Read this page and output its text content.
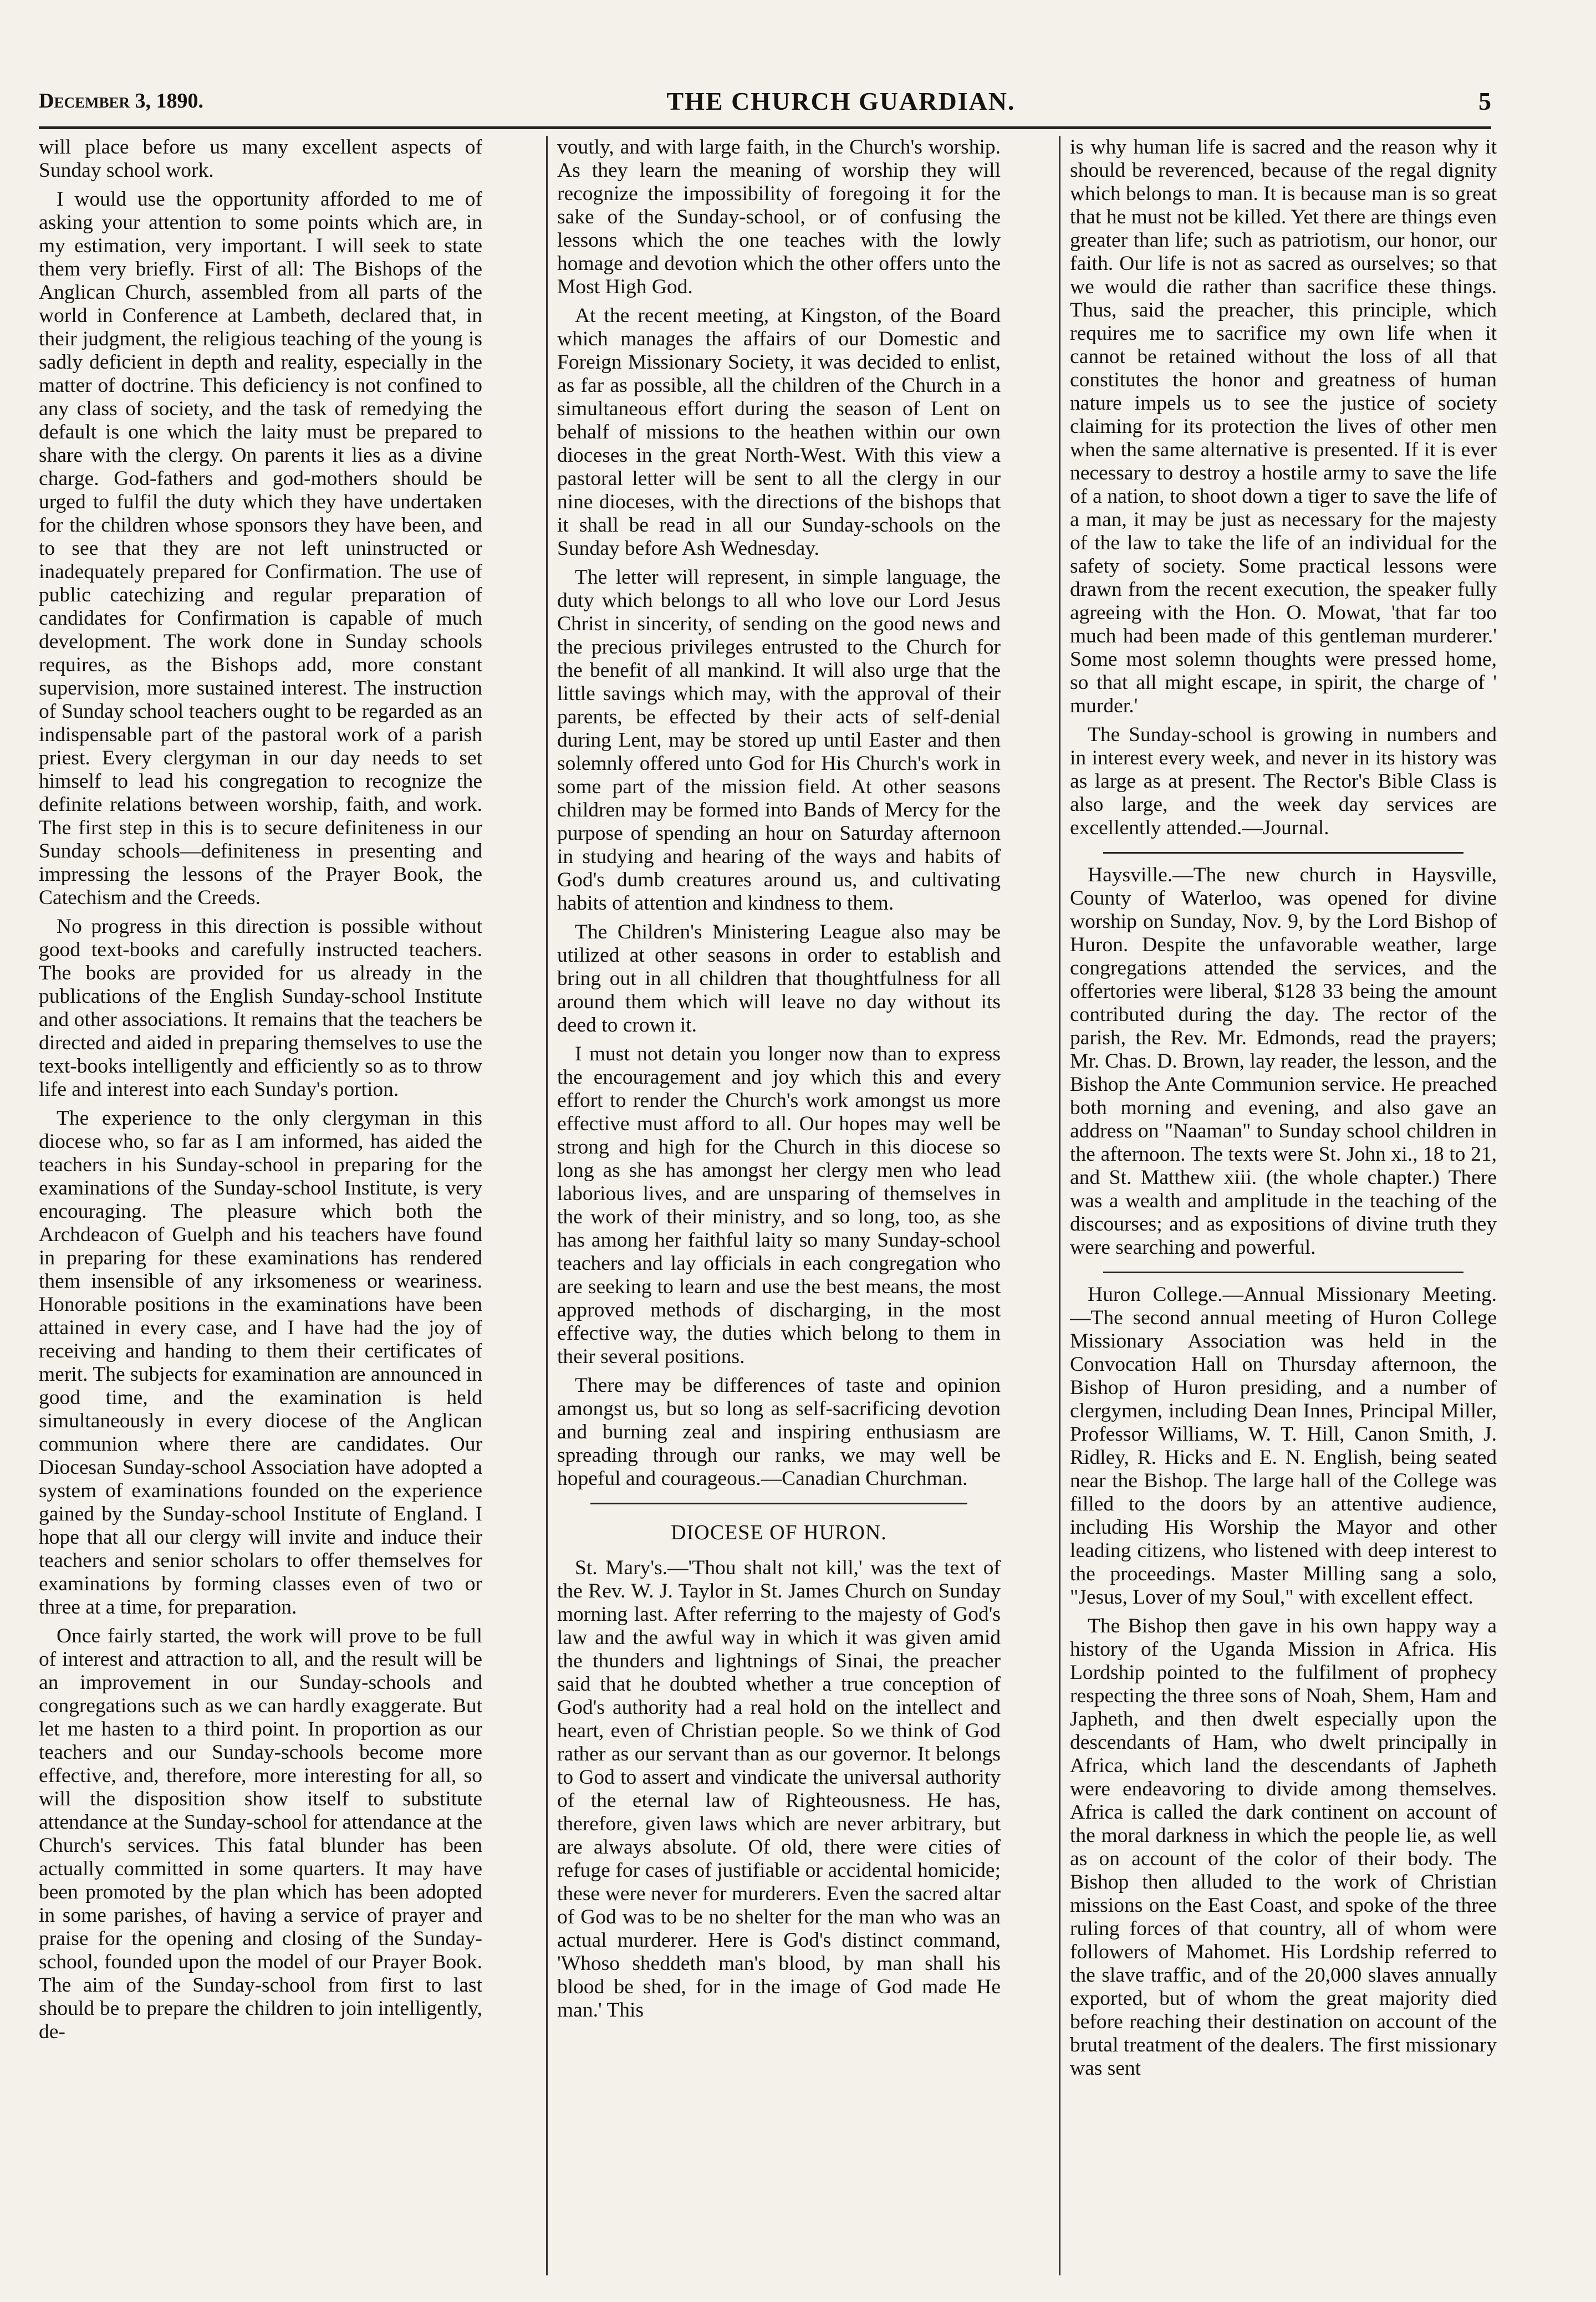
December 3, 1890.	THE CHURCH GUARDIAN.	5

will place before us many excellent aspects of Sunday school work.

I would use the opportunity afforded to me of asking your attention to some points which are, in my estimation, very important. I will seek to state them very briefly. First of all: The Bishops of the Anglican Church, assembled from all parts of the world in Conference at Lambeth, declared that, in their judgment, the religious teaching of the young is sadly deficient in depth and reality, especially in the matter of doctrine. This deficiency is not confined to any class of society, and the task of remedying the default is one which the laity must be prepared to share with the clergy. On parents it lies as a divine charge. God-fathers and god-mothers should be urged to fulfil the duty which they have undertaken for the children whose sponsors they have been, and to see that they are not left uninstructed or inadequately prepared for Confirmation. The use of public catechizing and regular preparation of candidates for Confirmation is capable of much development. The work done in Sunday schools requires, as the Bishops add, more constant supervision, more sustained interest. The instruction of Sunday school teachers ought to be regarded as an indispensable part of the pastoral work of a parish priest. Every clergyman in our day needs to set himself to lead his congregation to recognize the definite relations between worship, faith, and work. The first step in this is to secure definiteness in our Sunday schools—definiteness in presenting and impressing the lessons of the Prayer Book, the Catechism and the Creeds.

No progress in this direction is possible without good text-books and carefully instructed teachers. The books are provided for us already in the publications of the English Sunday-school Institute and other associations. It remains that the teachers be directed and aided in preparing themselves to use the text-books intelligently and efficiently so as to throw life and interest into each Sunday's portion.

The experience to the only clergyman in this diocese who, so far as I am informed, has aided the teachers in his Sunday-school in preparing for the examinations of the Sunday-school Institute, is very encouraging. The pleasure which both the Archdeacon of Guelph and his teachers have found in preparing for these examinations has rendered them insensible of any irksomeness or weariness. Honorable positions in the examinations have been attained in every case, and I have had the joy of receiving and handing to them their certificates of merit. The subjects for examination are announced in good time, and the examination is held simultaneously in every diocese of the Anglican communion where there are candidates. Our Diocesan Sunday-school Association have adopted a system of examinations founded on the experience gained by the Sunday-school Institute of England. I hope that all our clergy will invite and induce their teachers and senior scholars to offer themselves for examinations by forming classes even of two or three at a time, for preparation.

Once fairly started, the work will prove to be full of interest and attraction to all, and the result will be an improvement in our Sunday-schools and congregations such as we can hardly exaggerate. But let me hasten to a third point. In proportion as our teachers and our Sunday-schools become more effective, and, therefore, more interesting for all, so will the disposition show itself to substitute attendance at the Sunday-school for attendance at the Church's services. This fatal blunder has been actually committed in some quarters. It may have been promoted by the plan which has been adopted in some parishes, of having a service of prayer and praise for the opening and closing of the Sunday-school, founded upon the model of our Prayer Book. The aim of the Sunday-school from first to last should be to prepare the children to join intelligently, de-

voutly, and with large faith, in the Church's worship. As they learn the meaning of worship they will recognize the impossibility of foregoing it for the sake of the Sunday-school, or of confusing the lessons which the one teaches with the lowly homage and devotion which the other offers unto the Most High God.

At the recent meeting, at Kingston, of the Board which manages the affairs of our Domestic and Foreign Missionary Society, it was decided to enlist, as far as possible, all the children of the Church in a simultaneous effort during the season of Lent on behalf of missions to the heathen within our own dioceses in the great North-West. With this view a pastoral letter will be sent to all the clergy in our nine dioceses, with the directions of the bishops that it shall be read in all our Sunday-schools on the Sunday before Ash Wednesday.

The letter will represent, in simple language, the duty which belongs to all who love our Lord Jesus Christ in sincerity, of sending on the good news and the precious privileges entrusted to the Church for the benefit of all mankind. It will also urge that the little savings which may, with the approval of their parents, be effected by their acts of self-denial during Lent, may be stored up until Easter and then solemnly offered unto God for His Church's work in some part of the mission field. At other seasons children may be formed into Bands of Mercy for the purpose of spending an hour on Saturday afternoon in studying and hearing of the ways and habits of God's dumb creatures around us, and cultivating habits of attention and kindness to them.

The Children's Ministering League also may be utilized at other seasons in order to establish and bring out in all children that thoughtfulness for all around them which will leave no day without its deed to crown it.

I must not detain you longer now than to express the encouragement and joy which this and every effort to render the Church's work amongst us more effective must afford to all. Our hopes may well be strong and high for the Church in this diocese so long as she has amongst her clergy men who lead laborious lives, and are unsparing of themselves in the work of their ministry, and so long, too, as she has among her faithful laity so many Sunday-school teachers and lay officials in each congregation who are seeking to learn and use the best means, the most approved methods of discharging, in the most effective way, the duties which belong to them in their several positions.

There may be differences of taste and opinion amongst us, but so long as self-sacrificing devotion and burning zeal and inspiring enthusiasm are spreading through our ranks, we may well be hopeful and courageous.—Canadian Churchman.

DIOCESE OF HURON.

St. Mary's.—'Thou shalt not kill,' was the text of the Rev. W. J. Taylor in St. James Church on Sunday morning last. After referring to the majesty of God's law and the awful way in which it was given amid the thunders and lightnings of Sinai, the preacher said that he doubted whether a true conception of God's authority had a real hold on the intellect and heart, even of Christian people. So we think of God rather as our servant than as our governor. It belongs to God to assert and vindicate the universal authority of the eternal law of Righteousness. He has, therefore, given laws which are never arbitrary, but are always absolute. Of old, there were cities of refuge for cases of justifiable or accidental homicide; these were never for murderers. Even the sacred altar of God was to be no shelter for the man who was an actual murderer. Here is God's distinct command, 'Whoso sheddeth man's blood, by man shall his blood be shed, for in the image of God made He man.' This

is why human life is sacred and the reason why it should be reverenced, because of the regal dignity which belongs to man. It is because man is so great that he must not be killed. Yet there are things even greater than life; such as patriotism, our honor, our faith. Our life is not as sacred as ourselves; so that we would die rather than sacrifice these things. Thus, said the preacher, this principle, which requires me to sacrifice my own life when it cannot be retained without the loss of all that constitutes the honor and greatness of human nature impels us to see the justice of society claiming for its protection the lives of other men when the same alternative is presented. If it is ever necessary to destroy a hostile army to save the life of a nation, to shoot down a tiger to save the life of a man, it may be just as necessary for the majesty of the law to take the life of an individual for the safety of society. Some practical lessons were drawn from the recent execution, the speaker fully agreeing with the Hon. O. Mowat, 'that far too much had been made of this gentleman murderer.' Some most solemn thoughts were pressed home, so that all might escape, in spirit, the charge of ' murder.'

The Sunday-school is growing in numbers and in interest every week, and never in its history was as large as at present. The Rector's Bible Class is also large, and the week day services are excellently attended.—Journal.

Haysville.—The new church in Haysville, County of Waterloo, was opened for divine worship on Sunday, Nov. 9, by the Lord Bishop of Huron. Despite the unfavorable weather, large congregations attended the services, and the offertories were liberal, $128 33 being the amount contributed during the day. The rector of the parish, the Rev. Mr. Edmonds, read the prayers; Mr. Chas. D. Brown, lay reader, the lesson, and the Bishop the Ante Communion service. He preached both morning and evening, and also gave an address on "Naaman" to Sunday school children in the afternoon. The texts were St. John xi., 18 to 21, and St. Matthew xiii. (the whole chapter.) There was a wealth and amplitude in the teaching of the discourses; and as expositions of divine truth they were searching and powerful.

Huron College.—Annual Missionary Meeting.—The second annual meeting of Huron College Missionary Association was held in the Convocation Hall on Thursday afternoon, the Bishop of Huron presiding, and a number of clergymen, including Dean Innes, Principal Miller, Professor Williams, W. T. Hill, Canon Smith, J. Ridley, R. Hicks and E. N. English, being seated near the Bishop. The large hall of the College was filled to the doors by an attentive audience, including His Worship the Mayor and other leading citizens, who listened with deep interest to the proceedings. Master Milling sang a solo, "Jesus, Lover of my Soul," with excellent effect.

The Bishop then gave in his own happy way a history of the Uganda Mission in Africa. His Lordship pointed to the fulfilment of prophecy respecting the three sons of Noah, Shem, Ham and Japheth, and then dwelt especially upon the descendants of Ham, who dwelt principally in Africa, which land the descendants of Japheth were endeavoring to divide among themselves. Africa is called the dark continent on account of the moral darkness in which the people lie, as well as on account of the color of their body. The Bishop then alluded to the work of Christian missions on the East Coast, and spoke of the three ruling forces of that country, all of whom were followers of Mahomet. His Lordship referred to the slave traffic, and of the 20,000 slaves annually exported, but of whom the great majority died before reaching their destination on account of the brutal treatment of the dealers. The first missionary was sent
